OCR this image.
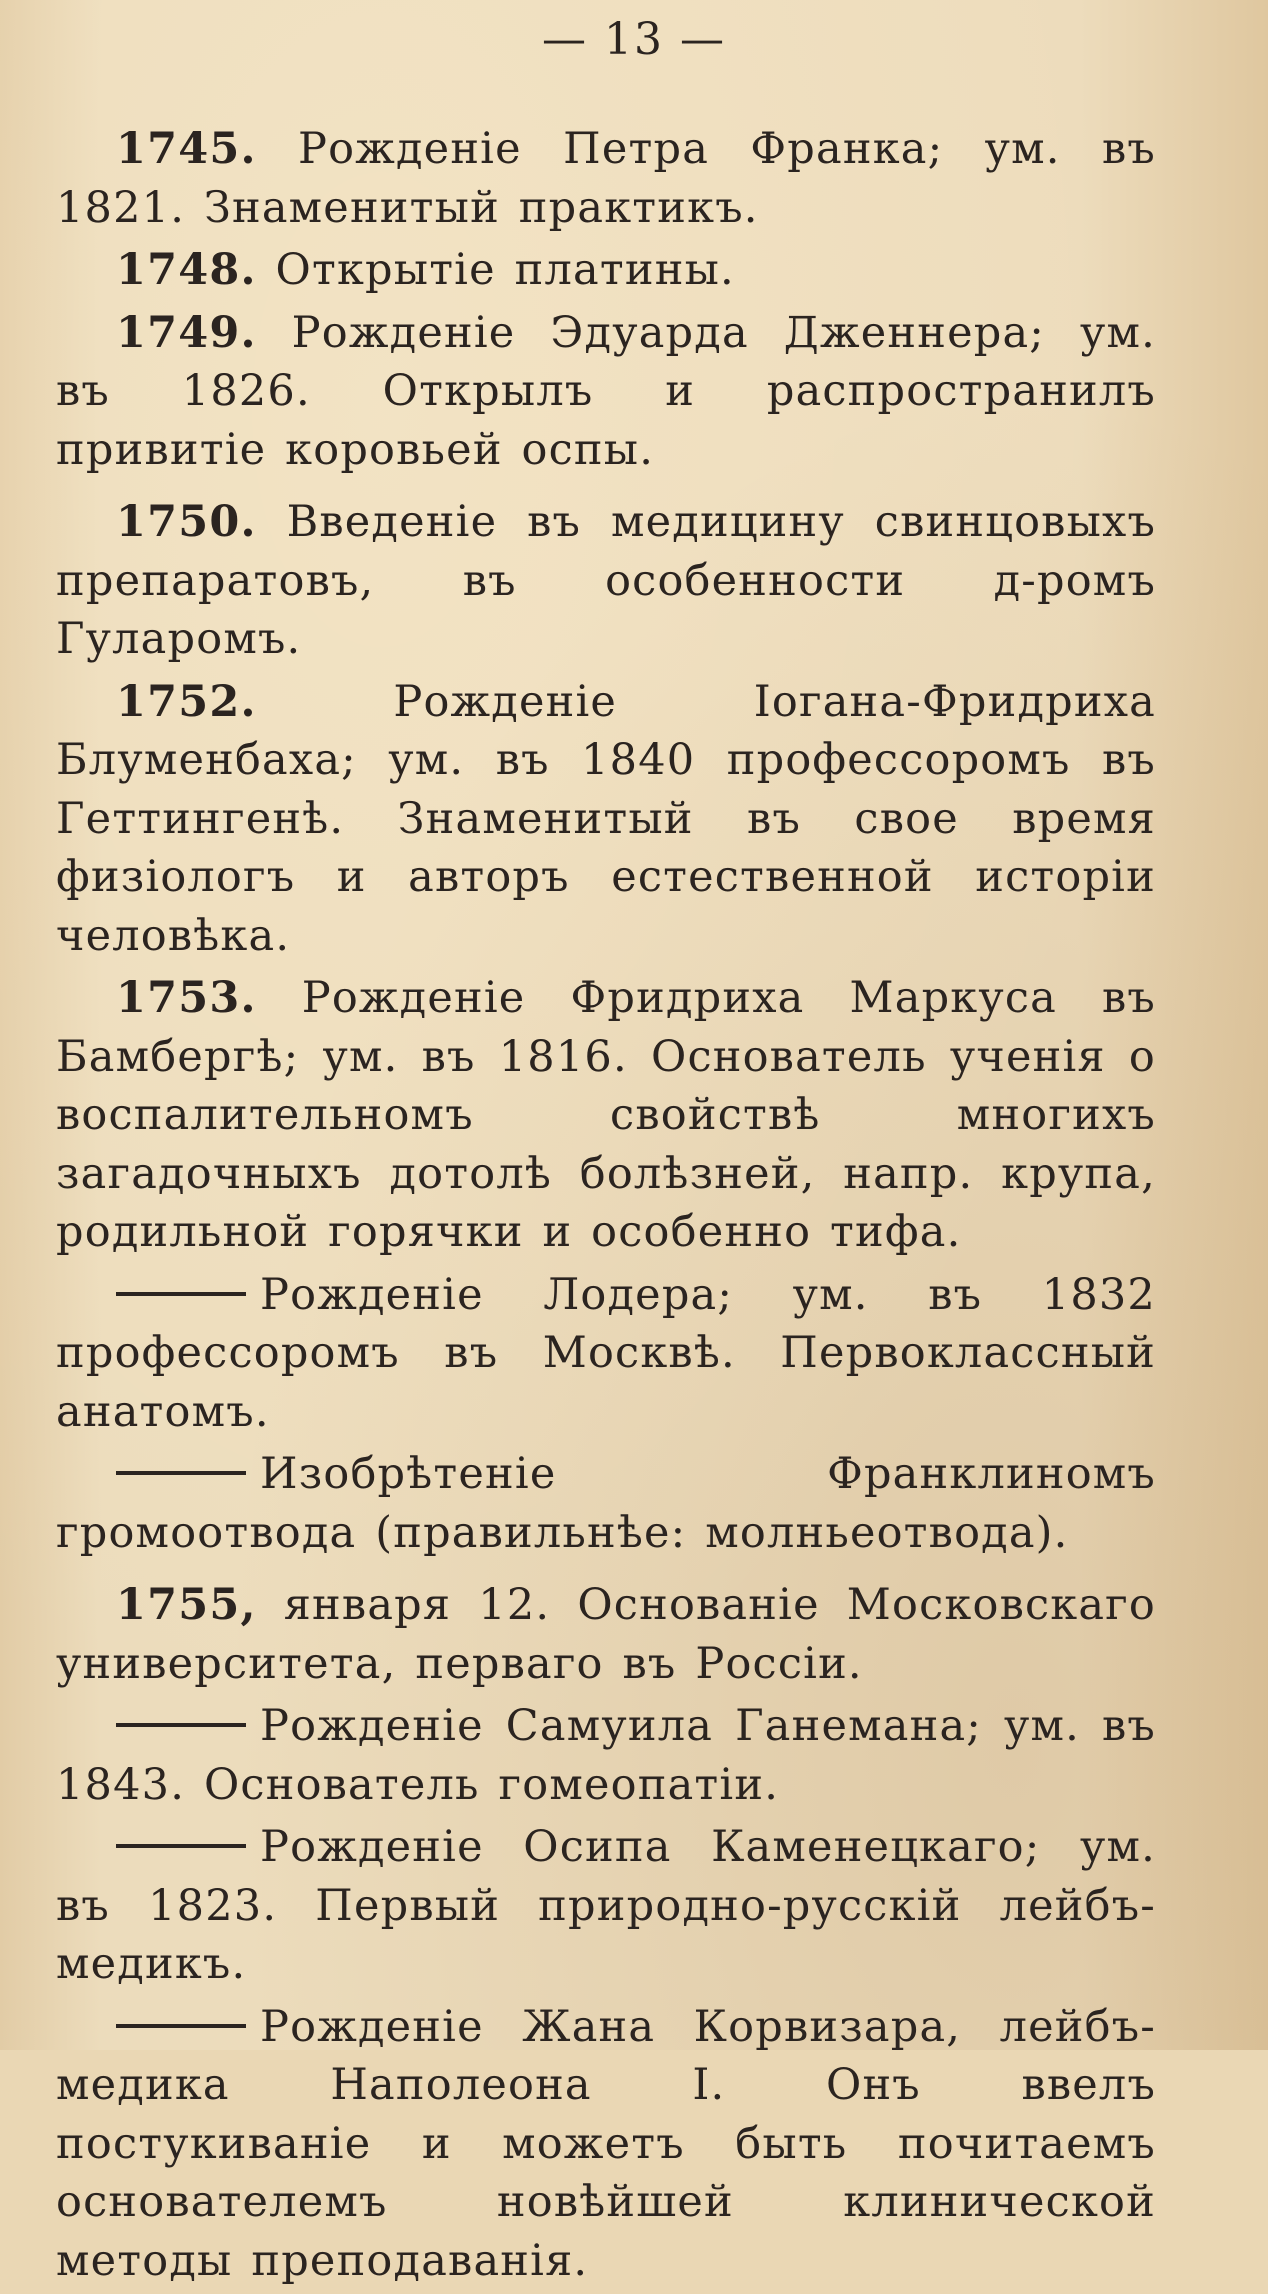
— 13 —

1745. Рожденіе Петра Франка; ум. въ 1821. Знаменитый практикъ.

1748. Открытіе платины.

1749. Рожденіе Эдуарда Дженнера; ум. въ 1826. Открылъ и распространилъ привитіе коровьей оспы.

1750. Введеніе въ медицину свинцовыхъ препаратовъ, въ особенности д-ромъ Гуларомъ.

1752.	Рожденіе Іогана-Фридриха Блуменбаха; ум. въ 1840 профессоромъ въ Геттингенѣ. Знаменитый въ свое время физіологъ и авторъ естественной исторіи человѣка.

1753. Рожденіе Фридриха Маркуса въ Бамбергѣ; ум. въ 1816. Основатель ученія о воспалительномъ свойствѣ многихъ загадочныхъ дотолѣ болѣзней, напр. крупа, родильной горячки и особенно тифа.

Рожденіе Лодера; ум. въ 1832 профессоромъ въ Москвѣ. Первоклассный анатомъ.

Изобрѣтеніе Франклиномъ громоотвода (правильнѣе: молньеотвода).

1755, января 12. Основаніе Московскаго университета, перваго въ Россіи.

Рожденіе Самуила Ганемана; ум. въ 1843. Основатель гомеопатіи.

Рожденіе Осипа Каменецкаго; ум. въ 1823. Первый природно-русскій лейбъ-медикъ.

Рожденіе Жана Корвизара, лейбъ-медика Наполеона I. Онъ ввелъ постукиваніе и можетъ быть почитаемъ основателемъ новѣйшей клинической методы преподаванія.
